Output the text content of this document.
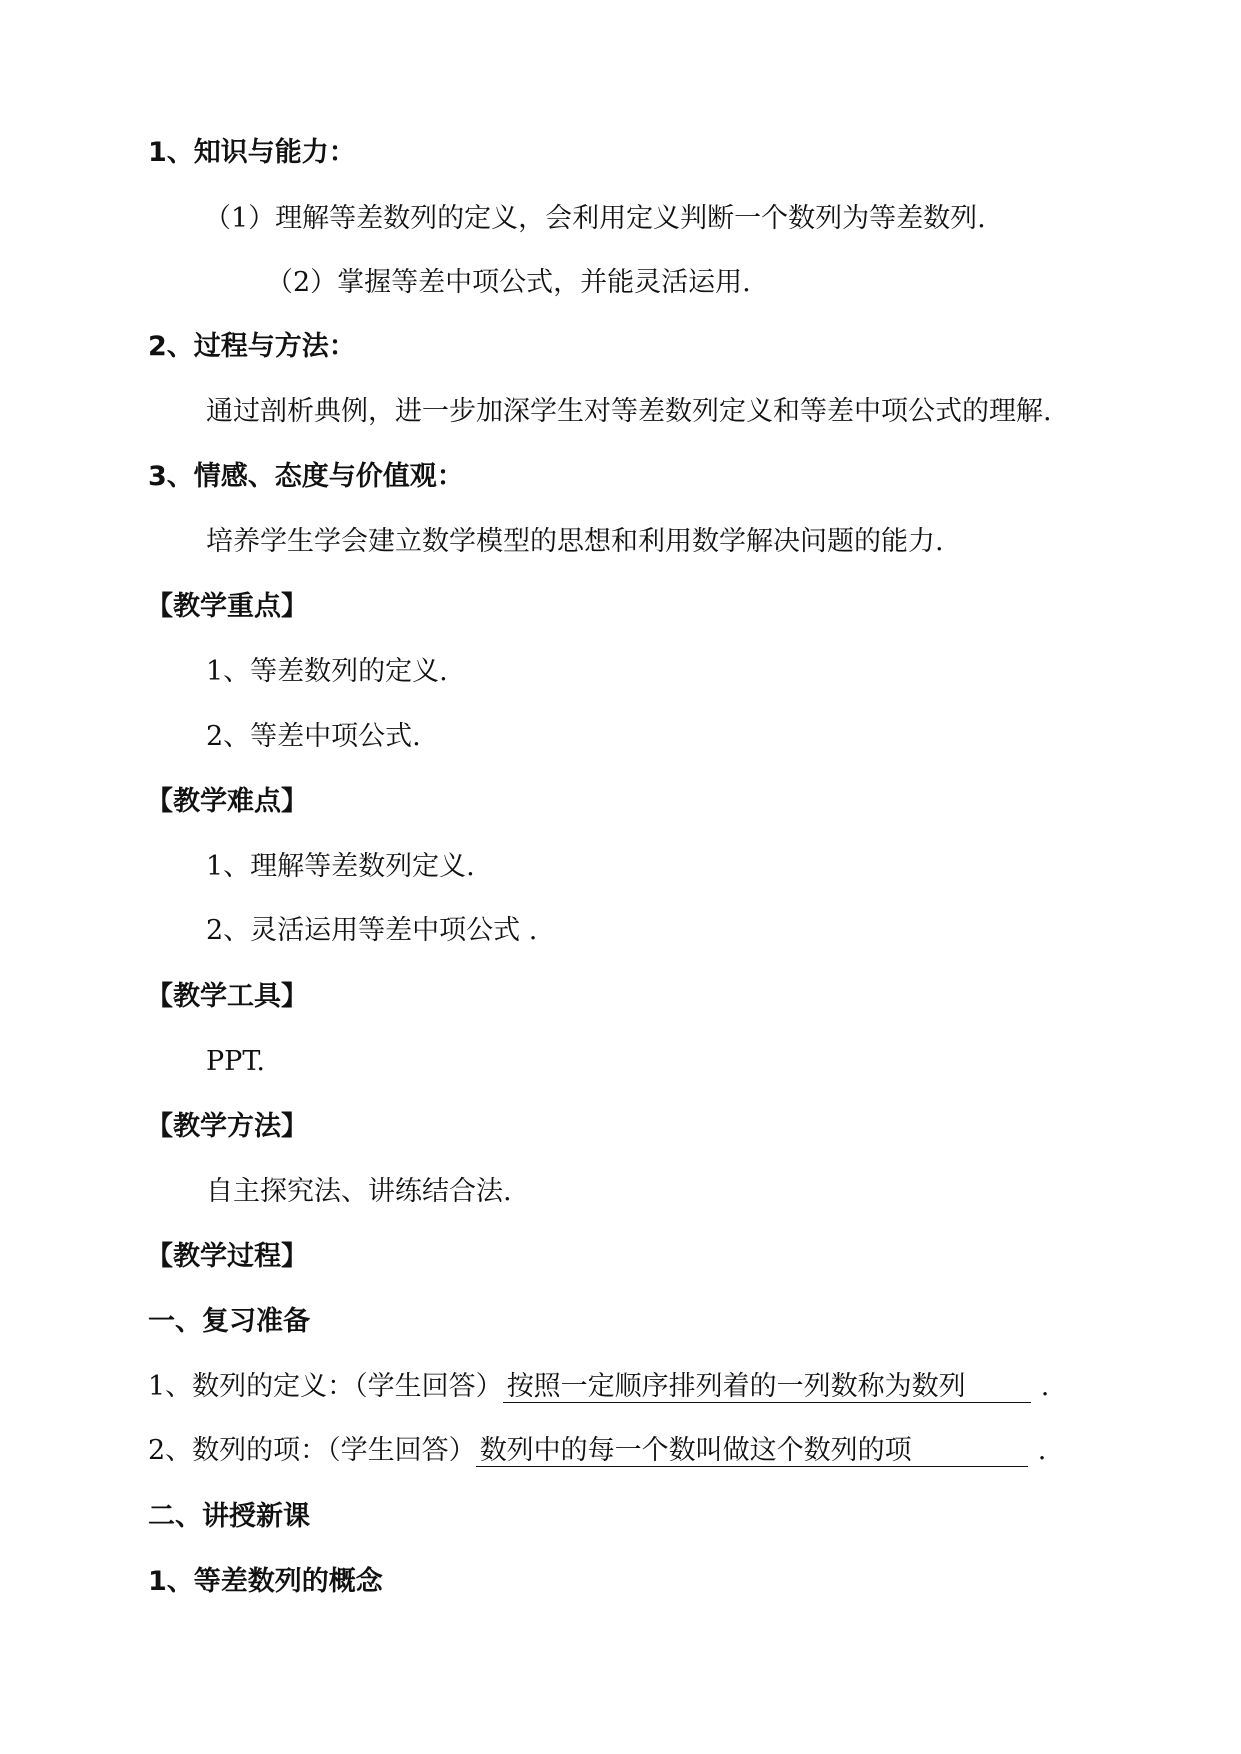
1、知识与能力：
（1）理解等差数列的定义，会利用定义判断一个数列为等差数列.
（2）掌握等差中项公式，并能灵活运用.
2、过程与方法：
通过剖析典例，进一步加深学生对等差数列定义和等差中项公式的理解.
3、情感、态度与价值观：
培养学生学会建立数学模型的思想和利用数学解决问题的能力.
【教学重点】
1、等差数列的定义.
2、等差中项公式.
【教学难点】
1、理解等差数列定义.
2、灵活运用等差中项公式 .
【教学工具】
PPT.
【教学方法】
自主探究法、讲练结合法.
【教学过程】
一、复习准备
1、数列的定义：（学生回答） 按照一定顺序排列着的一列数称为数列	.
2、数列的项：（学生回答） 数列中的每一个数叫做这个数列的项	.
二、讲授新课
1、等差数列的概念
